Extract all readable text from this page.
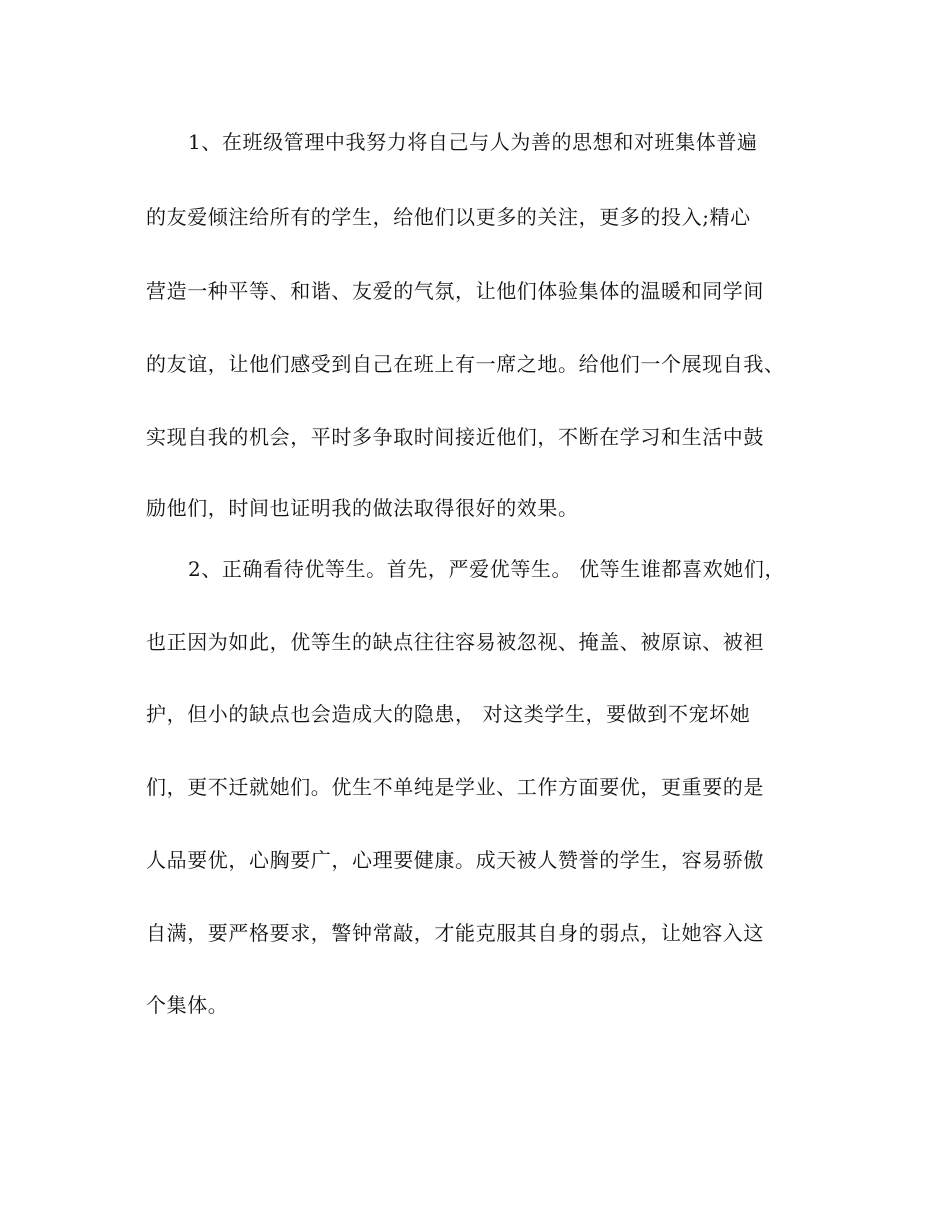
1、在班级管理中我努力将自己与人为善的思想和对班集体普遍
的友爱倾注给所有的学生，给他们以更多的关注，更多的投入;精心
营造一种平等、和谐、友爱的气氛，让他们体验集体的温暖和同学间
的友谊，让他们感受到自己在班上有一席之地。给他们一个展现自我、
实现自我的机会，平时多争取时间接近他们，不断在学习和生活中鼓
励他们，时间也证明我的做法取得很好的效果。
2、正确看待优等生。首先，严爱优等生。 优等生谁都喜欢她们，
也正因为如此，优等生的缺点往往容易被忽视、掩盖、被原谅、被袒
护，但小的缺点也会造成大的隐患， 对这类学生，要做到不宠坏她
们，更不迁就她们。优生不单纯是学业、工作方面要优，更重要的是
人品要优，心胸要广，心理要健康。成天被人赞誉的学生，容易骄傲
自满，要严格要求，警钟常敲，才能克服其自身的弱点，让她容入这
个集体。
